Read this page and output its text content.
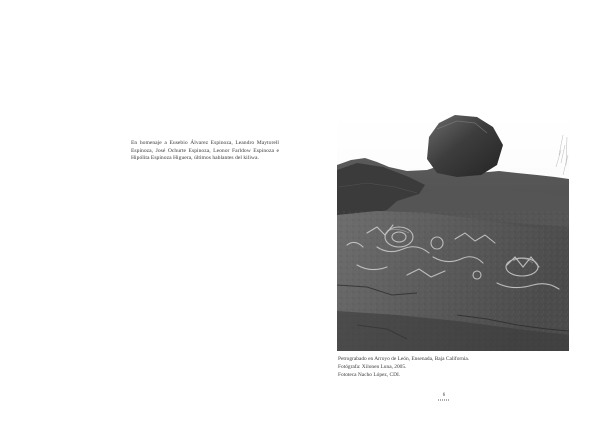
En homenaje a Eusebio Álvarez Espinoza, Leandro Maytorell Espinoza, José Ochurte Espinoza, Leonor Farldow Espinoza e Hipólita Espinoza Higuera, últimos hablantes del kiliwa.

Petrograbado en Arroyo de León, Ensenada, Baja California.
Fotógrafa: Xilonen Luna, 2005.
Fototeca Nacho López, CDI.
6
